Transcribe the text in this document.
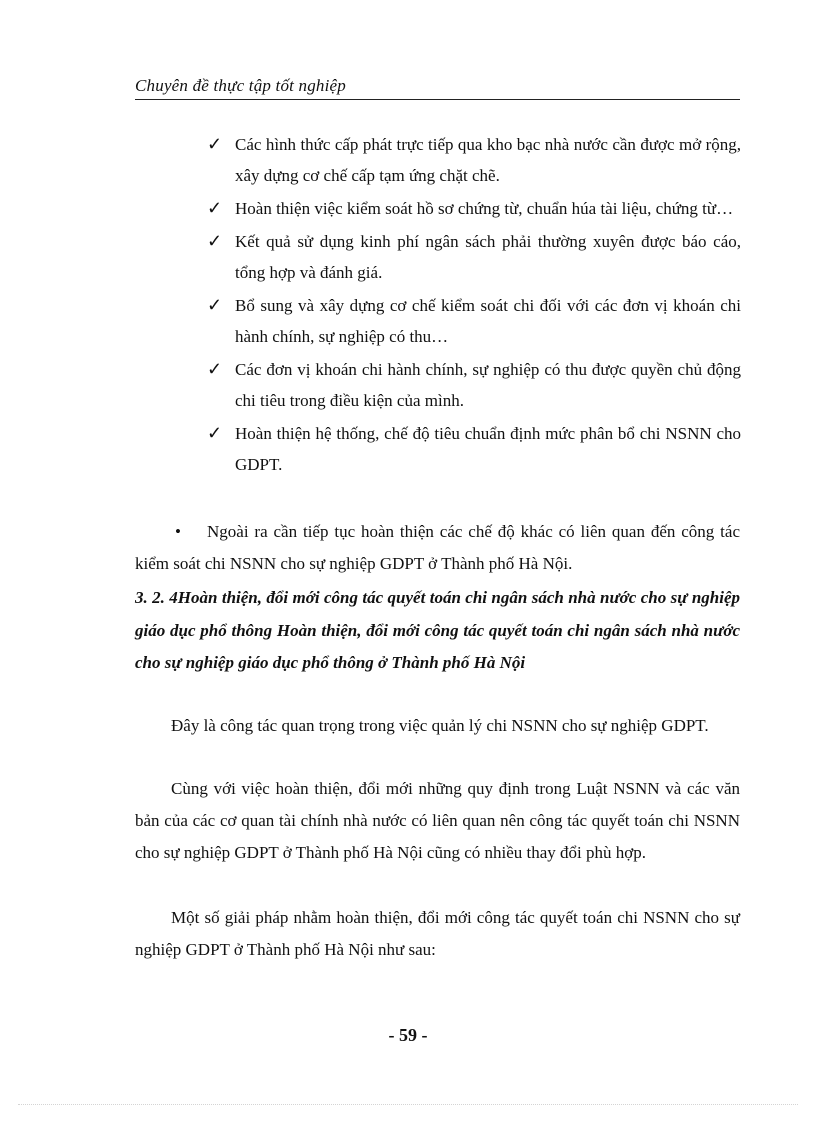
Chuyên đề thực tập tốt nghiệp
✓ Các hình thức cấp phát trực tiếp qua kho bạc nhà nước cần được mở rộng, xây dựng cơ chế cấp tạm ứng chặt chẽ.
✓ Hoàn thiện việc kiểm soát hồ sơ chứng từ, chuẩn húa tài liệu, chứng từ…
✓ Kết quả sử dụng kinh phí ngân sách phải thường xuyên được báo cáo, tổng hợp và đánh giá.
✓ Bổ sung và xây dựng cơ chế kiểm soát chi đối với các đơn vị khoán chi hành chính, sự nghiệp có thu…
✓ Các đơn vị khoán chi hành chính, sự nghiệp có thu được quyền chủ động chi tiêu trong điều kiện của mình.
✓ Hoàn thiện hệ thống, chế độ tiêu chuẩn định mức phân bổ chi NSNN cho GDPT.

• Ngoài ra cần tiếp tục hoàn thiện các chế độ khác có liên quan đến công tác kiểm soát chi NSNN cho sự nghiệp GDPT ở Thành phố Hà Nội.

3. 2. 4Hoàn thiện, đổi mới công tác quyết toán chi ngân sách nhà nước cho sự nghiệp giáo dục phổ thông Hoàn thiện, đổi mới công tác quyết toán chi ngân sách nhà nước cho sự nghiệp giáo dục phổ thông ở Thành phố Hà Nội

Đây là công tác quan trọng trong việc quản lý chi NSNN cho sự nghiệp GDPT.

Cùng với việc hoàn thiện, đổi mới những quy định trong Luật NSNN và các văn bản của các cơ quan tài chính nhà nước có liên quan nên công tác quyết toán chi NSNN cho sự nghiệp GDPT ở Thành phố Hà Nội cũng có nhiều thay đổi phù hợp.

Một số giải pháp nhằm hoàn thiện, đổi mới công tác quyết toán chi NSNN cho sự nghiệp GDPT ở Thành phố Hà Nội như sau:

- 59 -
